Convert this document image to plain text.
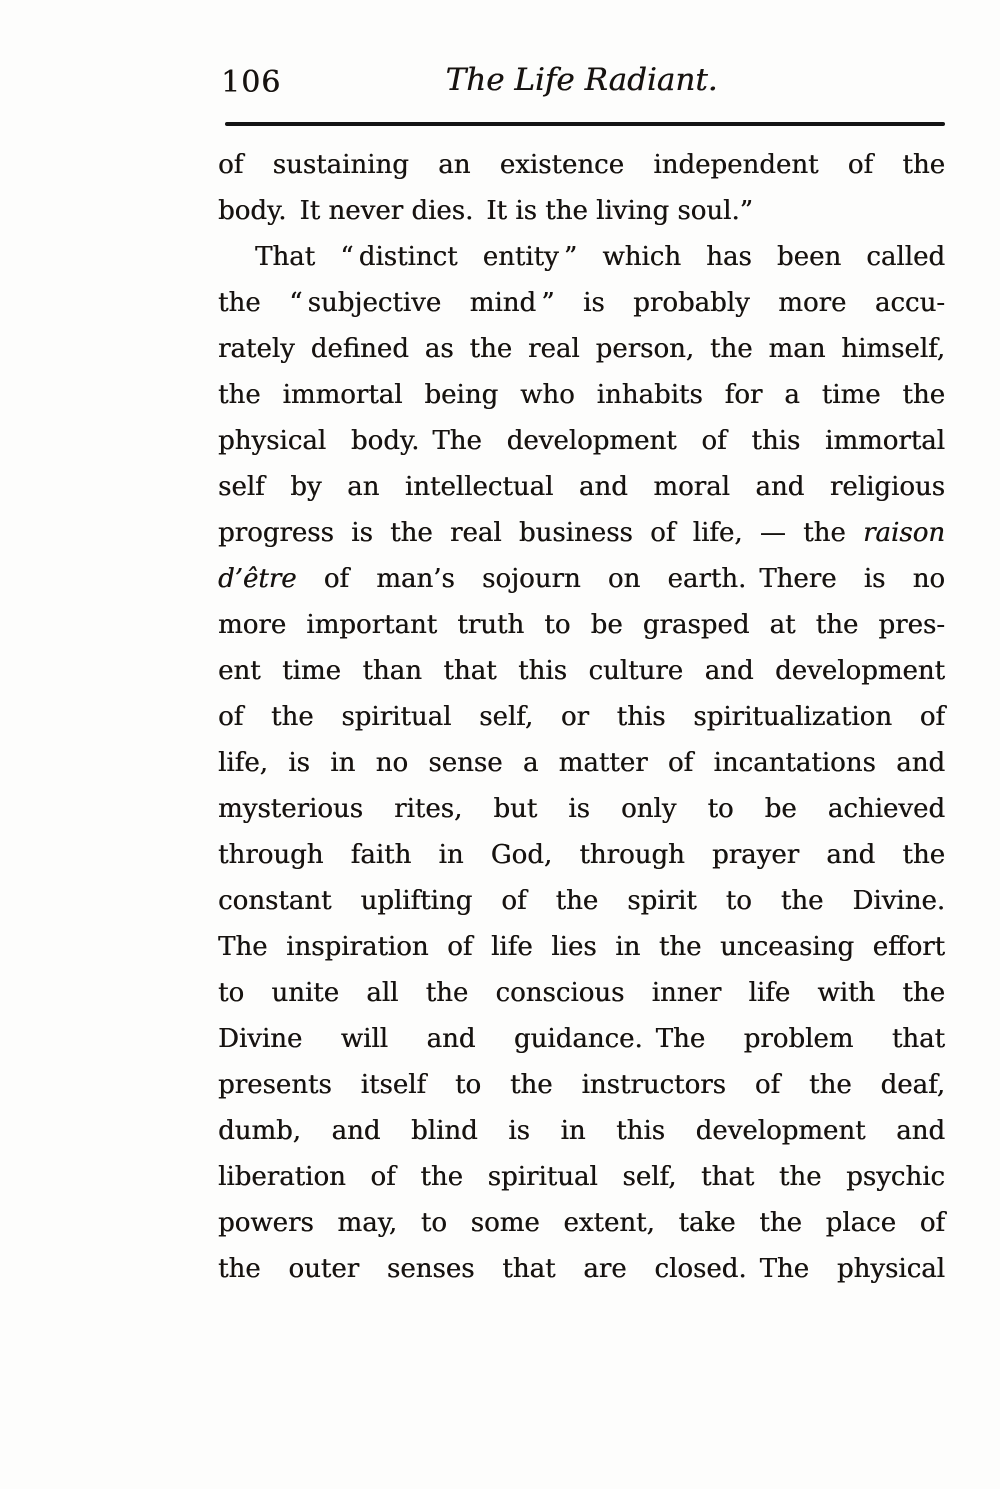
106	The Life Radiant.
of sustaining an existence independent of the
body. It never dies. It is the living soul.”
That “ distinct entity ” which has been called
the “ subjective mind ” is probably more accu-
rately defined as the real person, the man himself,
the immortal being who inhabits for a time the
physical body. The development of this immortal
self by an intellectual and moral and religious
progress is the real business of life, — the raison
d’être of man’s sojourn on earth. There is no
more important truth to be grasped at the pres-
ent time than that this culture and development
of the spiritual self, or this spiritualization of
life, is in no sense a matter of incantations and
mysterious rites, but is only to be achieved
through faith in God, through prayer and the
constant uplifting of the spirit to the Divine.
The inspiration of life lies in the unceasing effort
to unite all the conscious inner life with the
Divine will and guidance. The problem that
presents itself to the instructors of the deaf,
dumb, and blind is in this development and
liberation of the spiritual self, that the psychic
powers may, to some extent, take the place of
the outer senses that are closed. The physical
